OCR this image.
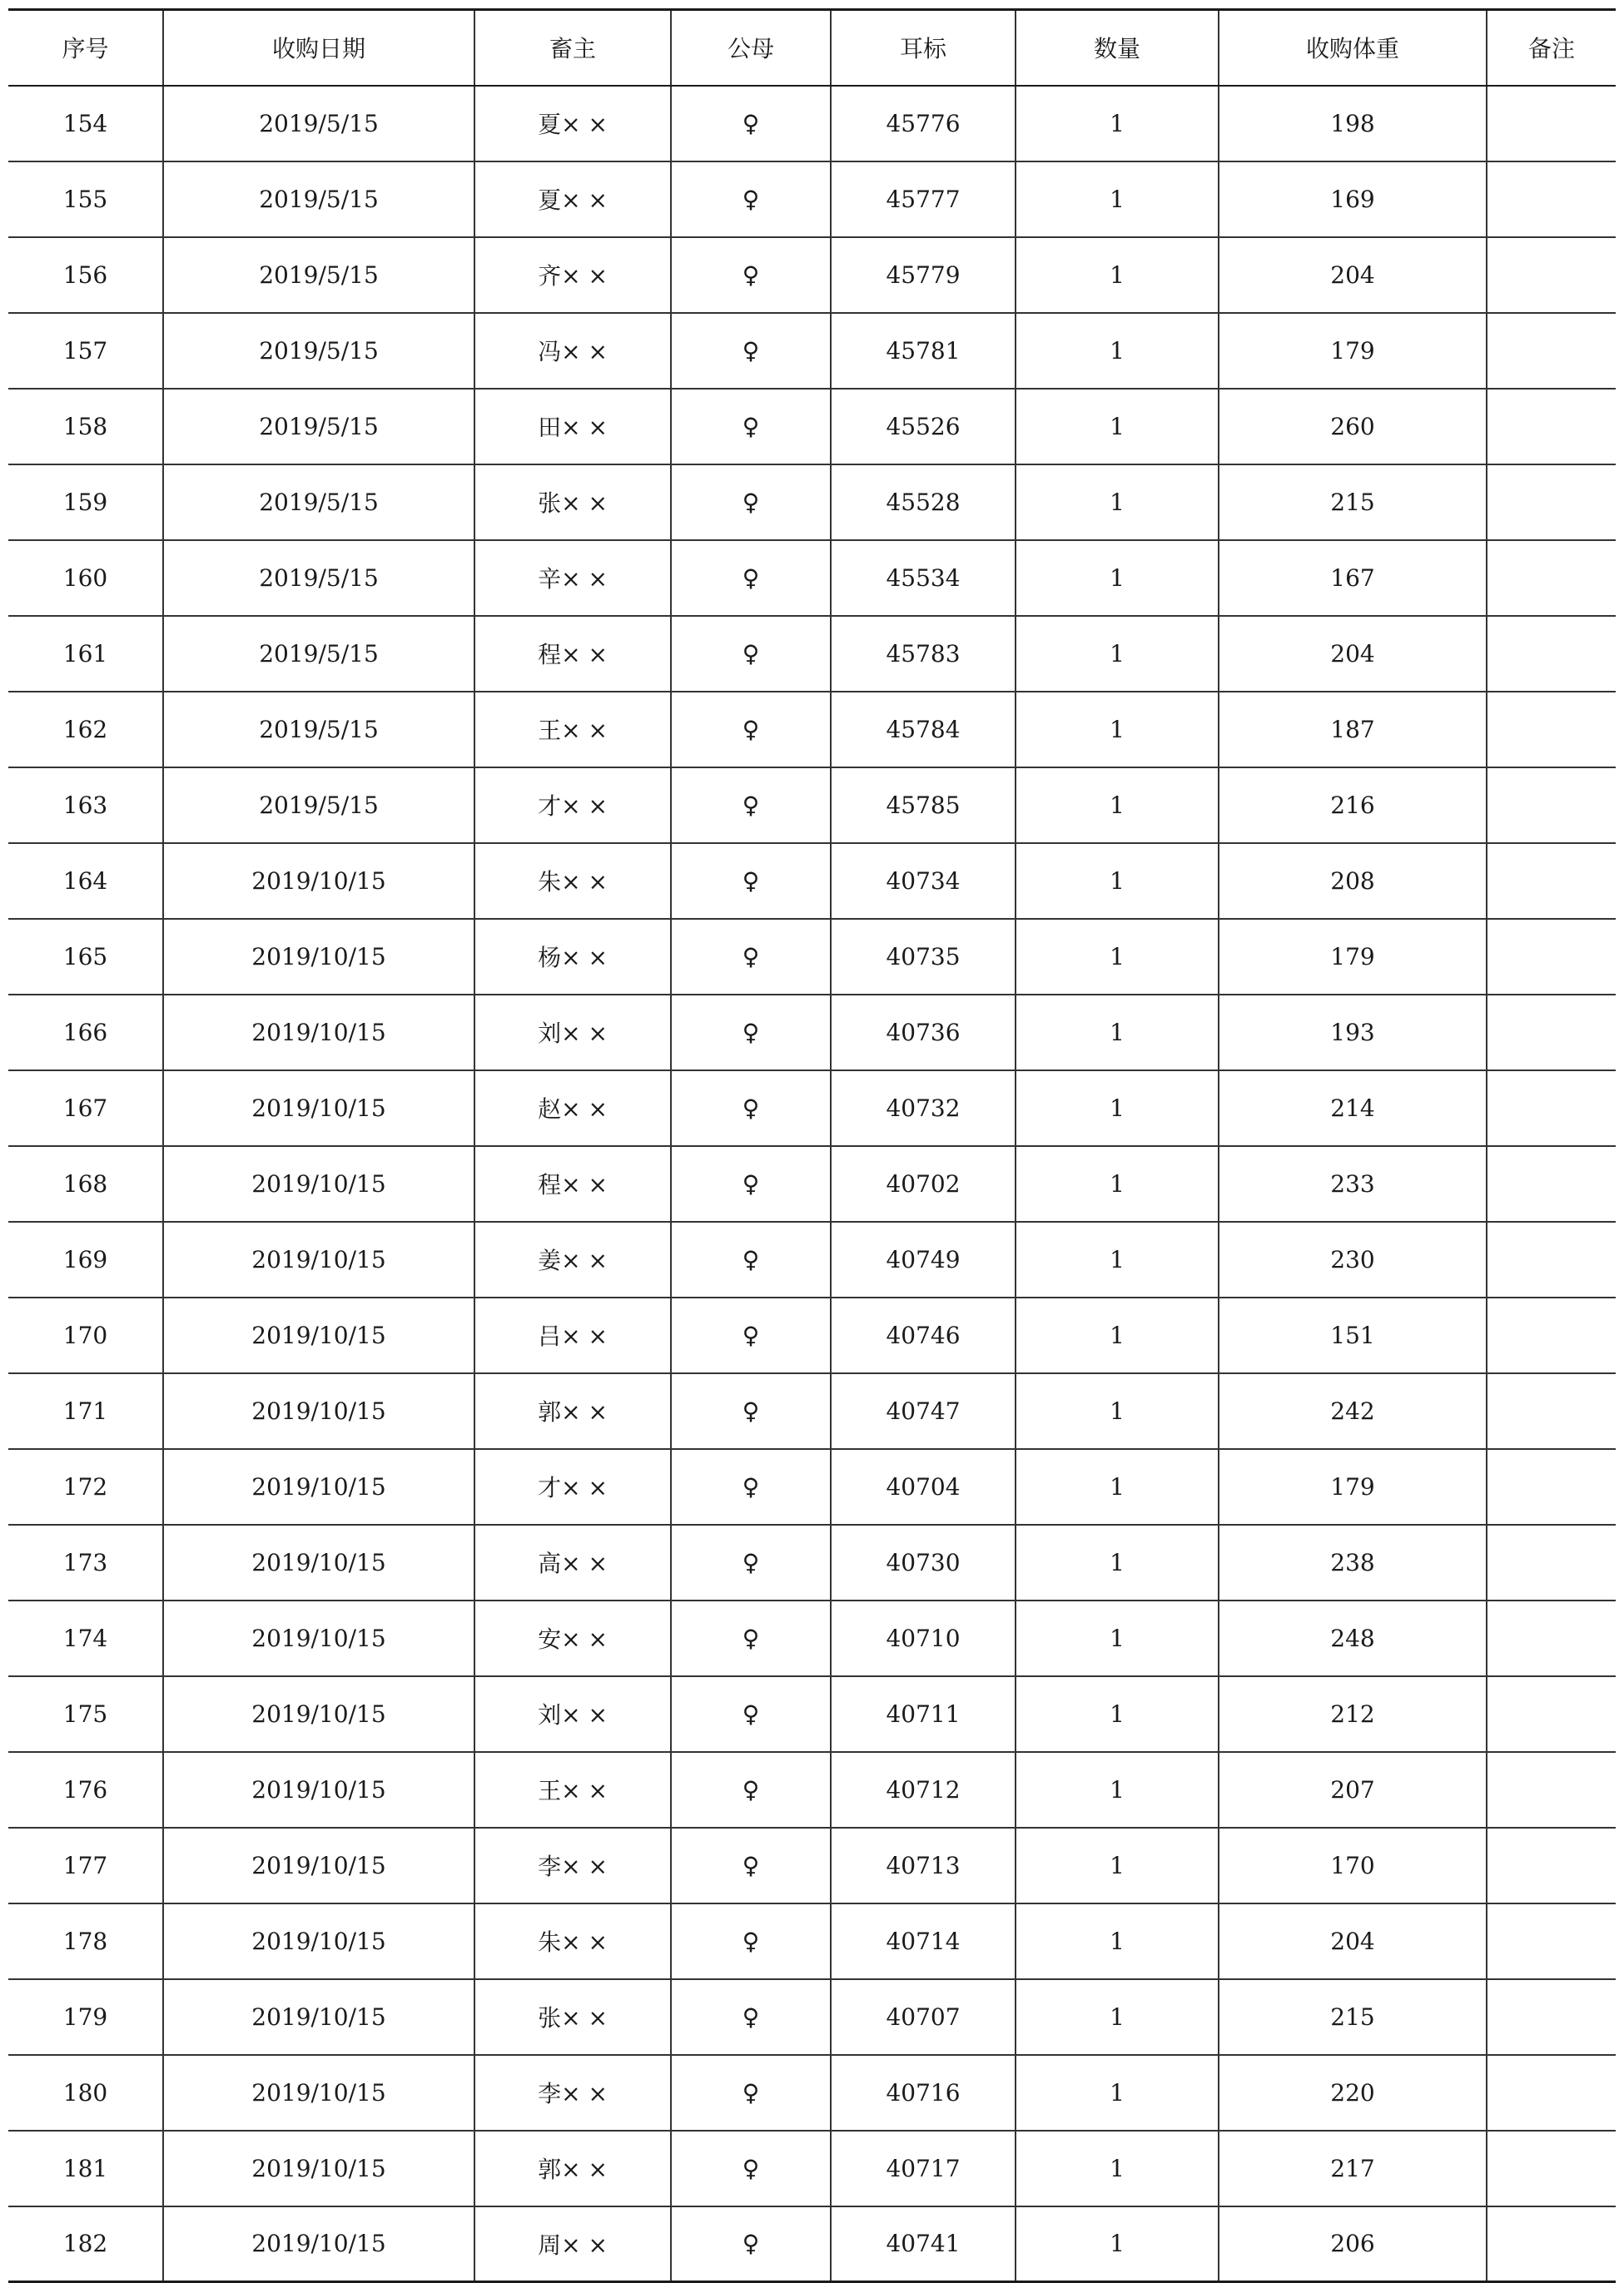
序号	收购日期	畜主	公母	耳标	数量	收购体重	备注
154	2019/5/15	夏× ×	♀	45776	1	198	
155	2019/5/15	夏× ×	♀	45777	1	169	
156	2019/5/15	齐× ×	♀	45779	1	204	
157	2019/5/15	冯× ×	♀	45781	1	179	
158	2019/5/15	田× ×	♀	45526	1	260	
159	2019/5/15	张× ×	♀	45528	1	215	
160	2019/5/15	辛× ×	♀	45534	1	167	
161	2019/5/15	程× ×	♀	45783	1	204	
162	2019/5/15	王× ×	♀	45784	1	187	
163	2019/5/15	才× ×	♀	45785	1	216	
164	2019/10/15	朱× ×	♀	40734	1	208	
165	2019/10/15	杨× ×	♀	40735	1	179	
166	2019/10/15	刘× ×	♀	40736	1	193	
167	2019/10/15	赵× ×	♀	40732	1	214	
168	2019/10/15	程× ×	♀	40702	1	233	
169	2019/10/15	姜× ×	♀	40749	1	230	
170	2019/10/15	吕× ×	♀	40746	1	151	
171	2019/10/15	郭× ×	♀	40747	1	242	
172	2019/10/15	才× ×	♀	40704	1	179	
173	2019/10/15	高× ×	♀	40730	1	238	
174	2019/10/15	安× ×	♀	40710	1	248	
175	2019/10/15	刘× ×	♀	40711	1	212	
176	2019/10/15	王× ×	♀	40712	1	207	
177	2019/10/15	李× ×	♀	40713	1	170	
178	2019/10/15	朱× ×	♀	40714	1	204	
179	2019/10/15	张× ×	♀	40707	1	215	
180	2019/10/15	李× ×	♀	40716	1	220	
181	2019/10/15	郭× ×	♀	40717	1	217	
182	2019/10/15	周× ×	♀	40741	1	206	
